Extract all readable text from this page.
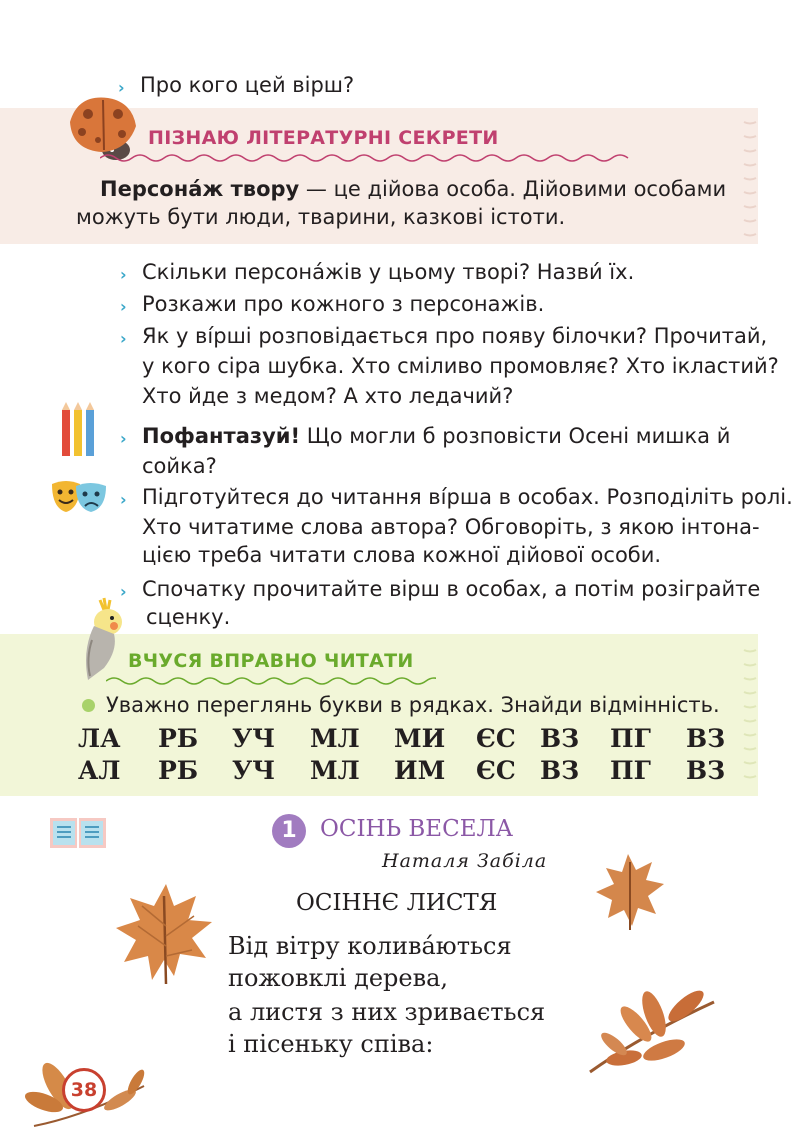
› Про кого цей вірш?
ПІЗНАЮ ЛІТЕРАТУРНІ СЕКРЕТИ
Персона́ж твору — це дійова особа. Дійовими особами
можуть бути люди, тварини, казкові істоти.
› Скільки персона́жів у цьому творі? Назви́ їх.
› Розкажи про кожного з персонажів.
› Як у ві́рші розповідається про появу білочки? Прочитай,
у кого сіра шубка. Хто сміливо промовляє? Хто ікластий?
Хто йде з медом? А хто ледачий?
› Пофантазуй! Що могли б розповісти Осені мишка й
сойка?
› Підготуйтеся до читання ві́рша в особах. Розподіліть ролі.
Хто читатиме слова автора? Обговоріть, з якою інтона-
цією треба читати слова кожної дійової особи.
› Спочатку прочитайте вірш в особах, а потім розіграйте
сценку.
ВЧУСЯ ВПРАВНО ЧИТАТИ
Уважно переглянь букви в рядках. Знайди відмінність.
ЛА РБ УЧ МЛ МИ ЄС ВЗ ПГ ВЗ
АЛ РБ УЧ МЛ ИМ ЄС ВЗ ПГ ВЗ
1	ОСІНЬ ВЕСЕЛА
Наталя Забіла
ОСІННЄ ЛИСТЯ
Від вітру колива́ються
пожовклі дерева,
а листя з них зривається
і пісеньку співа:
38
